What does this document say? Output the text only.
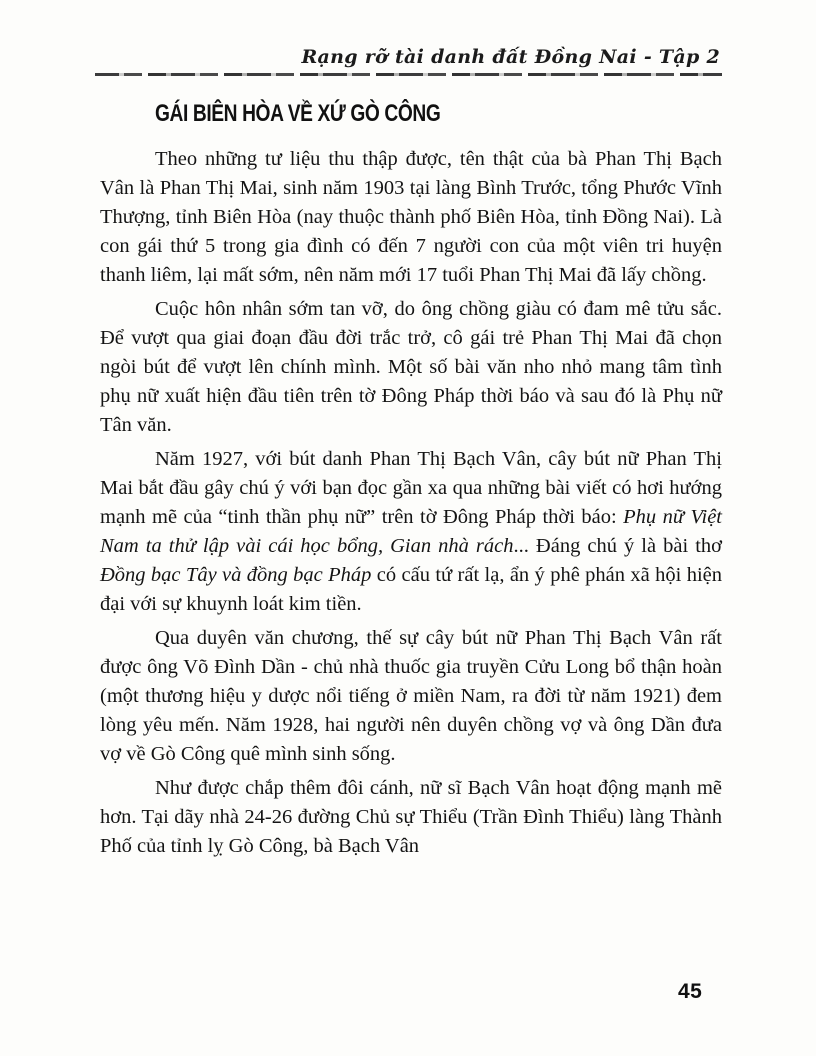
Rạng rỡ tài danh đất Đồng Nai - Tập 2
GÁI BIÊN HÒA VỀ XỨ GÒ CÔNG

Theo những tư liệu thu thập được, tên thật của bà Phan Thị Bạch Vân là Phan Thị Mai, sinh năm 1903 tại làng Bình Trước, tổng Phước Vĩnh Thượng, tỉnh Biên Hòa (nay thuộc thành phố Biên Hòa, tỉnh Đồng Nai). Là con gái thứ 5 trong gia đình có đến 7 người con của một viên tri huyện thanh liêm, lại mất sớm, nên năm mới 17 tuổi Phan Thị Mai đã lấy chồng.

Cuộc hôn nhân sớm tan vỡ, do ông chồng giàu có đam mê tửu sắc. Để vượt qua giai đoạn đầu đời trắc trở, cô gái trẻ Phan Thị Mai đã chọn ngòi bút để vượt lên chính mình. Một số bài văn nho nhỏ mang tâm tình phụ nữ xuất hiện đầu tiên trên tờ Đông Pháp thời báo và sau đó là Phụ nữ Tân văn.

Năm 1927, với bút danh Phan Thị Bạch Vân, cây bút nữ Phan Thị Mai bắt đầu gây chú ý với bạn đọc gần xa qua những bài viết có hơi hướng mạnh mẽ của “tinh thần phụ nữ” trên tờ Đông Pháp thời báo: Phụ nữ Việt Nam ta thử lập vài cái học bổng, Gian nhà rách... Đáng chú ý là bài thơ Đồng bạc Tây và đồng bạc Pháp có cấu tứ rất lạ, ẩn ý phê phán xã hội hiện đại với sự khuynh loát kim tiền.

Qua duyên văn chương, thế sự cây bút nữ Phan Thị Bạch Vân rất được ông Võ Đình Dần - chủ nhà thuốc gia truyền Cửu Long bổ thận hoàn (một thương hiệu y dược nổi tiếng ở miền Nam, ra đời từ năm 1921) đem lòng yêu mến. Năm 1928, hai người nên duyên chồng vợ và ông Dần đưa vợ về Gò Công quê mình sinh sống.

Như được chắp thêm đôi cánh, nữ sĩ Bạch Vân hoạt động mạnh mẽ hơn. Tại dãy nhà 24-26 đường Chủ sự Thiểu (Trần Đình Thiểu) làng Thành Phố của tỉnh lỵ Gò Công, bà Bạch Vân

45
